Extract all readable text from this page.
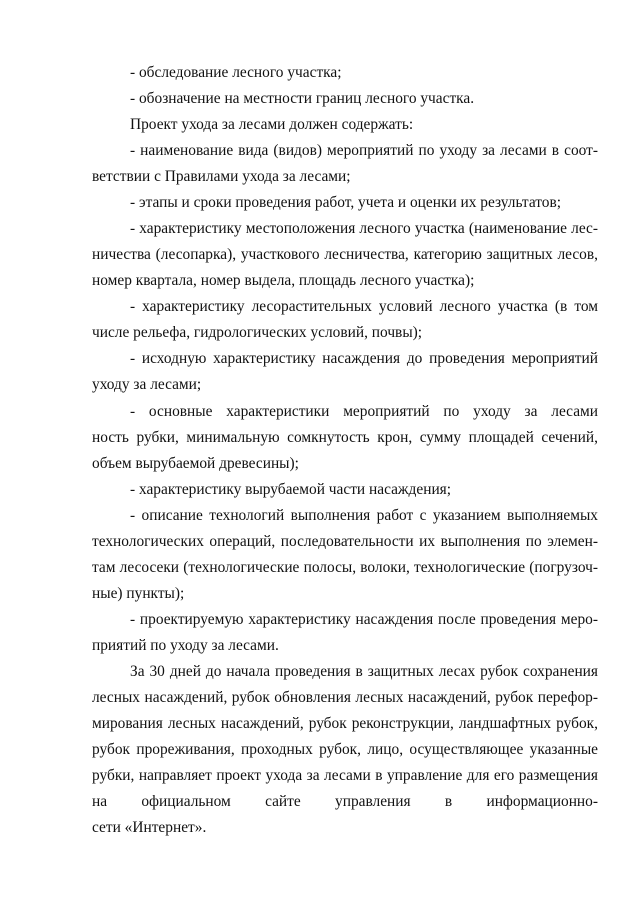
- обследование лесного участка;

- обозначение на местности границ лесного участка.

Проект ухода за лесами должен содержать:

- наименование вида (видов) мероприятий по уходу за лесами в соот-

ветствии с Правилами ухода за лесами;

- этапы и сроки проведения работ, учета и оценки их результатов;

- характеристику местоположения лесного участка (наименование лес-

ничества (лесопарка), участкового лесничества, категорию защитных лесов,

номер квартала, номер выдела, площадь лесного участка);

- характеристику лесорастительных условий лесного участка (в том

числе рельефа, гидрологических условий, почвы);

- исходную характеристику насаждения до проведения мероприятий

уходу за лесами;

- основные характеристики мероприятий по уходу за лесами

ность рубки, минимальную сомкнутость крон, сумму площадей сечений,

объем вырубаемой древесины);

- характеристику вырубаемой части насаждения;

- описание технологий выполнения работ с указанием выполняемых

технологических операций, последовательности их выполнения по элемен-

там лесосеки (технологические полосы, волоки, технологические (погрузоч-

ные) пункты);

- проектируемую характеристику насаждения после проведения меро-

приятий по уходу за лесами.

За 30 дней до начала проведения в защитных лесах рубок сохранения

лесных насаждений, рубок обновления лесных насаждений, рубок перефор-

мирования лесных насаждений, рубок реконструкции, ландшафтных рубок,

рубок прореживания, проходных рубок, лицо, осуществляющее указанные

рубки, направляет проект ухода за лесами в управление для его размещения

на официальном сайте управления в информационно-

сети «Интернет».
